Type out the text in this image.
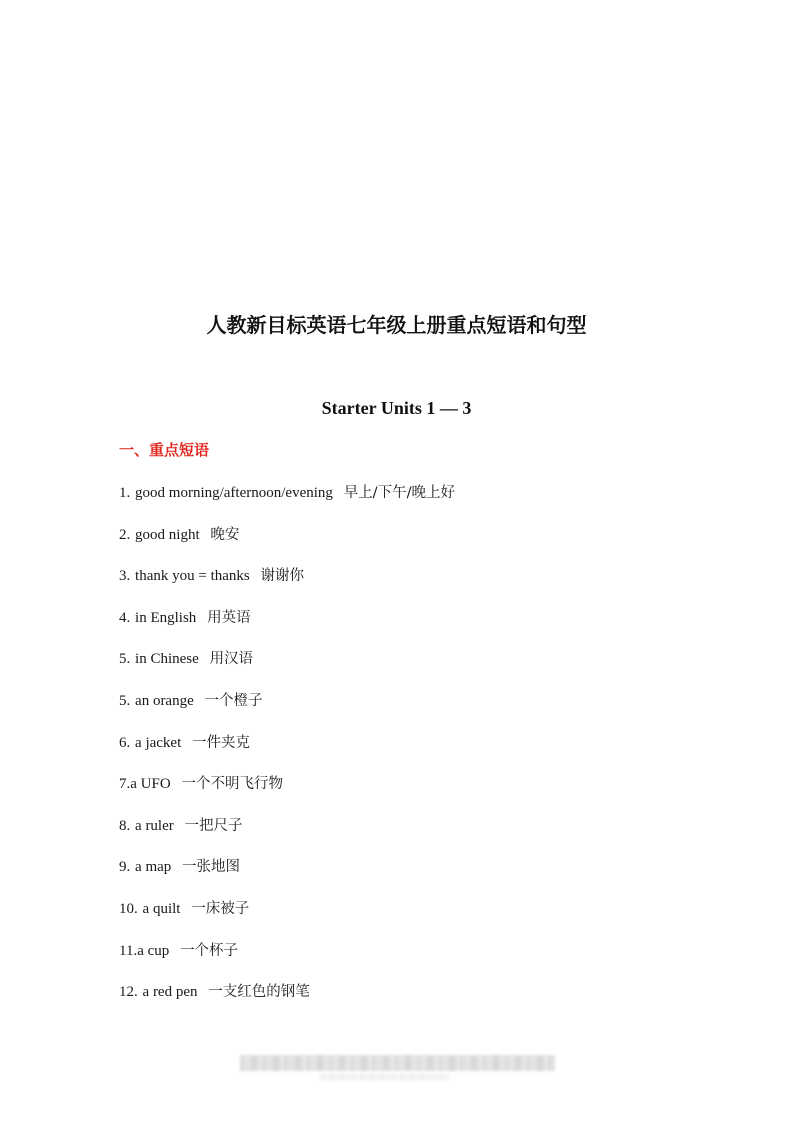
人教新目标英语七年级上册重点短语和句型
Starter Units 1 — 3
一、重点短语
1. good morning/afternoon/evening 早上/下午/晚上好
2. good night 晚安
3. thank you = thanks 谢谢你
4. in English 用英语
5. in Chinese 用汉语
5. an orange 一个橙子
6. a jacket 一件夹克
7.a UFO 一个不明飞行物
8. a ruler 一把尺子
9. a map 一张地图
10. a quilt 一床被子
11.a cup 一个杯子
12. a red pen 一支红色的钢笔
